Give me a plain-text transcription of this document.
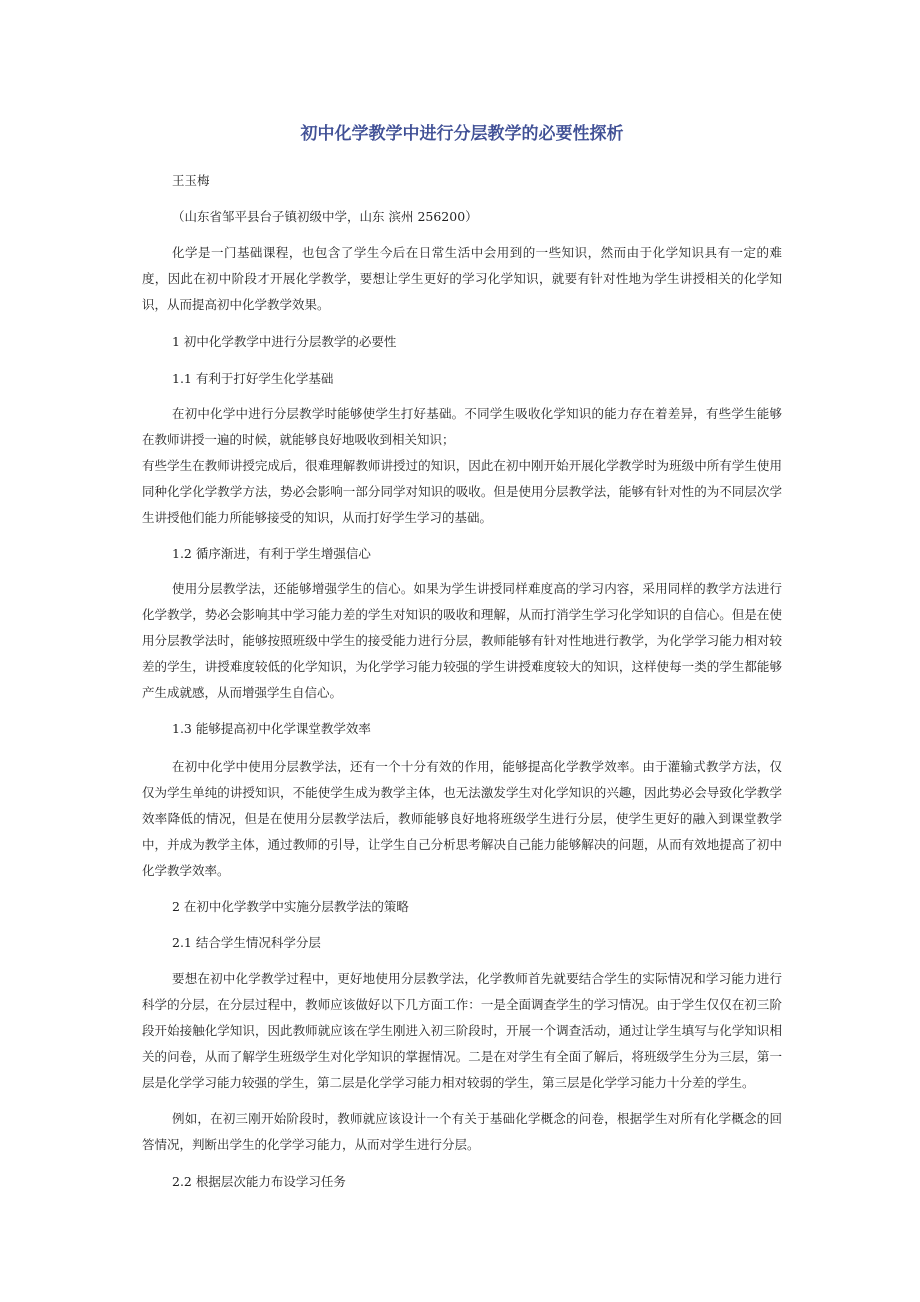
初中化学教学中进行分层教学的必要性探析

王玉梅

（山东省邹平县台子镇初级中学，山东 滨州 256200）

化学是一门基础课程，也包含了学生今后在日常生活中会用到的一些知识，然而由于化学知识具有一定的难度，因此在初中阶段才开展化学教学，要想让学生更好的学习化学知识，就要有针对性地为学生讲授相关的化学知识，从而提高初中化学教学效果。

1 初中化学教学中进行分层教学的必要性

1.1 有利于打好学生化学基础

在初中化学中进行分层教学时能够使学生打好基础。不同学生吸收化学知识的能力存在着差异，有些学生能够在教师讲授一遍的时候，就能够良好地吸收到相关知识；

有些学生在教师讲授完成后，很难理解教师讲授过的知识，因此在初中刚开始开展化学教学时为班级中所有学生使用同种化学化学教学方法，势必会影响一部分同学对知识的吸收。但是使用分层教学法，能够有针对性的为不同层次学生讲授他们能力所能够接受的知识，从而打好学生学习的基础。

1.2 循序渐进，有利于学生增强信心

使用分层教学法，还能够增强学生的信心。如果为学生讲授同样难度高的学习内容，采用同样的教学方法进行化学教学，势必会影响其中学习能力差的学生对知识的吸收和理解，从而打消学生学习化学知识的自信心。但是在使用分层教学法时，能够按照班级中学生的接受能力进行分层，教师能够有针对性地进行教学，为化学学习能力相对较差的学生，讲授难度较低的化学知识，为化学学习能力较强的学生讲授难度较大的知识，这样使每一类的学生都能够产生成就感，从而增强学生自信心。

1.3 能够提高初中化学课堂教学效率

在初中化学中使用分层教学法，还有一个十分有效的作用，能够提高化学教学效率。由于灌输式教学方法，仅仅为学生单纯的讲授知识，不能使学生成为教学主体，也无法激发学生对化学知识的兴趣，因此势必会导致化学教学效率降低的情况，但是在使用分层教学法后，教师能够良好地将班级学生进行分层，使学生更好的融入到课堂教学中，并成为教学主体，通过教师的引导，让学生自己分析思考解决自己能力能够解决的问题，从而有效地提高了初中化学教学效率。

2 在初中化学教学中实施分层教学法的策略

2.1 结合学生情况科学分层

要想在初中化学教学过程中，更好地使用分层教学法，化学教师首先就要结合学生的实际情况和学习能力进行科学的分层，在分层过程中，教师应该做好以下几方面工作：一是全面调查学生的学习情况。由于学生仅仅在初三阶段开始接触化学知识，因此教师就应该在学生刚进入初三阶段时，开展一个调查活动，通过让学生填写与化学知识相关的问卷，从而了解学生班级学生对化学知识的掌握情况。二是在对学生有全面了解后，将班级学生分为三层，第一层是化学学习能力较强的学生，第二层是化学学习能力相对较弱的学生，第三层是化学学习能力十分差的学生。

例如，在初三刚开始阶段时，教师就应该设计一个有关于基础化学概念的问卷，根据学生对所有化学概念的回答情况，判断出学生的化学学习能力，从而对学生进行分层。

2.2 根据层次能力布设学习任务
